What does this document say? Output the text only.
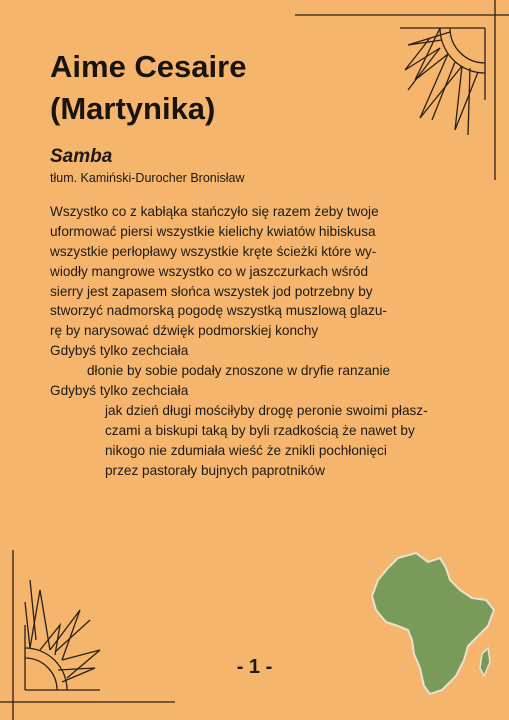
Aime Cesaire
(Martynika)
Samba

tłum. Kamiński-Durocher Bronisław

Wszystko co z kabłąka stańczyło się razem żeby twoje
uformować piersi wszystkie kielichy kwiatów hibiskusa
wszystkie perłopławy wszystkie kręte ścieżki które wy-
wiodły mangrowe wszystko co w jaszczurkach wśród
sierry jest zapasem słońca wszystek jod potrzebny by
stworzyć nadmorską pogodę wszystką muszlową glazu-
rę by narysować dźwięk podmorskiej konchy
Gdybyś tylko zechciała
dłonie by sobie podały znoszone w dryfie ranzanie
Gdybyś tylko zechciała
jak dzień długi mościłyby drogę peronie swoimi płasz-
czami a biskupi taką by byli rzadkością że nawet by
nikogo nie zdumiała wieść że znikli pochłonięci
przez pastorały bujnych paprotników
- 1 -
